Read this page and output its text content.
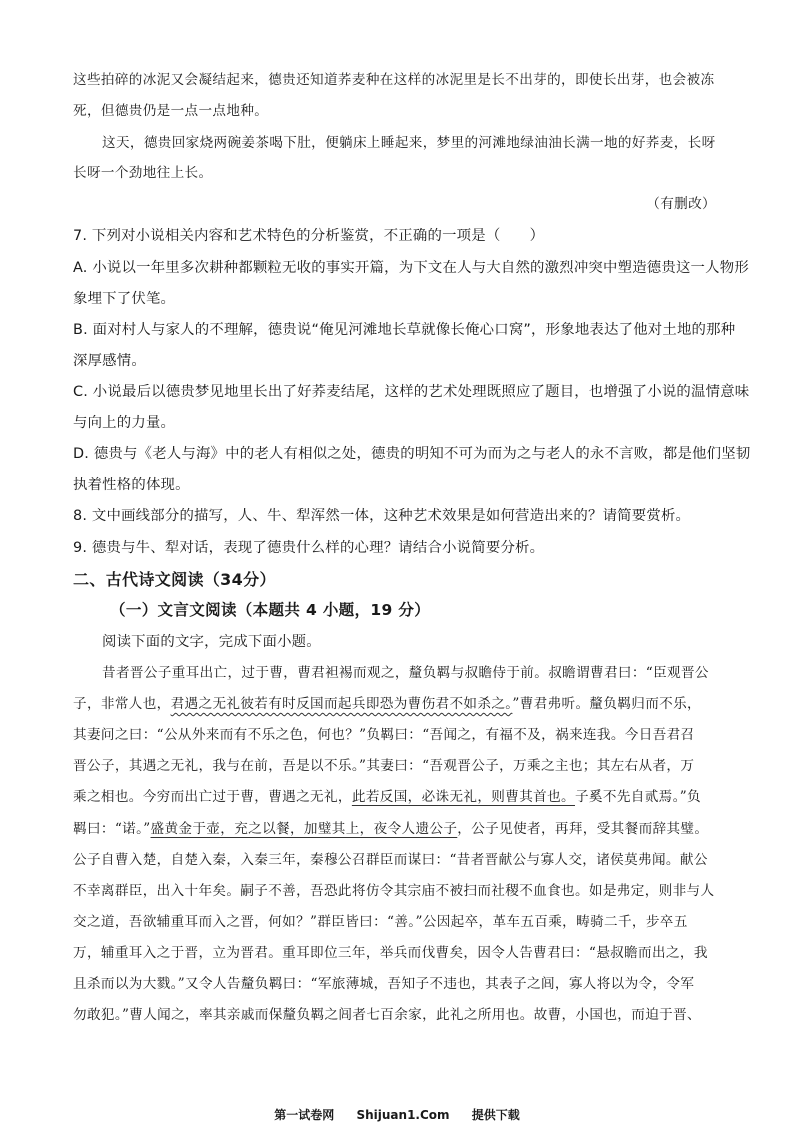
这些拍碎的冰泥又会凝结起来，德贵还知道荞麦种在这样的冰泥里是长不出芽的，即使长出芽，也会被冻
死，但德贵仍是一点一点地种。
这天，德贵回家烧两碗姜茶喝下肚，便躺床上睡起来，梦里的河滩地绿油油长满一地的好荞麦，长呀
长呀一个劲地往上长。
（有删改）
7. 下列对小说相关内容和艺术特色的分析鉴赏，不正确的一项是（　　）
A. 小说以一年里多次耕种都颗粒无收的事实开篇，为下文在人与大自然的激烈冲突中塑造德贵这一人物形
象埋下了伏笔。
B. 面对村人与家人的不理解，德贵说“俺见河滩地长草就像长俺心口窝”，形象地表达了他对土地的那种
深厚感情。
C. 小说最后以德贵梦见地里长出了好荞麦结尾，这样的艺术处理既照应了题目，也增强了小说的温情意味
与向上的力量。
D. 德贵与《老人与海》中的老人有相似之处，德贵的明知不可为而为之与老人的永不言败，都是他们坚韧
执着性格的体现。
8. 文中画线部分的描写，人、牛、犁浑然一体，这种艺术效果是如何营造出来的？请简要赏析。
9. 德贵与牛、犁对话，表现了德贵什么样的心理？请结合小说简要分析。
二、古代诗文阅读（34分）
（一）文言文阅读（本题共 4 小题，19 分）
阅读下面的文字，完成下面小题。
昔者晋公子重耳出亡，过于曹，曹君袒裼而观之，釐负羁与叔瞻侍于前。叔瞻谓曹君曰：“臣观晋公
子，非常人也，君遇之无礼彼若有时反国而起兵即恐为曹伤君不如杀之。”曹君弗听。釐负羁归而不乐，
其妻问之曰：“公从外来而有不乐之色，何也？”负羁曰：“吾闻之，有福不及，祸来连我。今日吾君召
晋公子，其遇之无礼，我与在前，吾是以不乐。”其妻曰：“吾观晋公子，万乘之主也；其左右从者，万
乘之相也。今穷而出亡过于曹，曹遇之无礼，此若反国，必诛无礼，则曹其首也。子奚不先自贰焉。”负
羁曰：“诺。”盛黄金于壶，充之以餐，加璧其上，夜令人遗公子，公子见使者，再拜，受其餐而辞其璧。
公子自曹入楚，自楚入秦，入秦三年，秦穆公召群臣而谋曰：“昔者晋献公与寡人交，诸侯莫弗闻。献公
不幸离群臣，出入十年矣。嗣子不善，吾恐此将仿令其宗庙不被扫而社稷不血食也。如是弗定，则非与人
交之道，吾欲辅重耳而入之晋，何如？”群臣皆曰：“善。”公因起卒，革车五百乘，畴骑二千，步卒五
万，辅重耳入之于晋，立为晋君。重耳即位三年，举兵而伐曹矣，因令人告曹君曰：“悬叔瞻而出之，我
且杀而以为大戮。”又令人告釐负羁曰：“军旅薄城，吾知子不违也，其表子之闾，寡人将以为令，令军
勿敢犯。”曹人闻之，率其亲戚而保釐负羁之闾者七百余家，此礼之所用也。故曹，小国也，而迫于晋、
第一试卷网 Shijuan1.Com 提供下载
